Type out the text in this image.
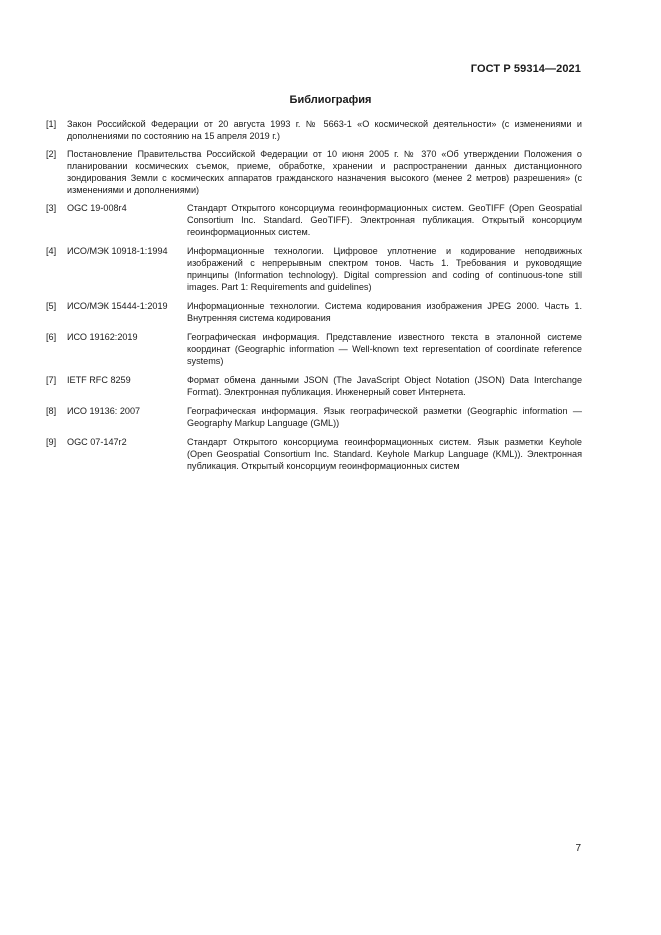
ГОСТ Р 59314—2021
Библиография
[1]	Закон Российской Федерации от 20 августа 1993 г. № 5663-1 «О космической деятельности» (с изменениями и дополнениями по состоянию на 15 апреля 2019 г.)
[2]	Постановление Правительства Российской Федерации от 10 июня 2005 г. № 370 «Об утверждении Положения о планировании космических съемок, приеме, обработке, хранении и распространении данных дистанционного зондирования Земли с космических аппаратов гражданского назначения высокого (менее 2 метров) разрешения» (с изменениями и дополнениями)
[3]	OGC 19-008r4	Стандарт Открытого консорциума геоинформационных систем. GeoTIFF (Open Geospatial Consortium Inc. Standard. GeoTIFF). Электронная публикация. Открытый консорциум геоинформационных систем.
[4]	ИСО/МЭК 10918-1:1994	Информационные технологии. Цифровое уплотнение и кодирование неподвижных изображений с непрерывным спектром тонов. Часть 1. Требования и руководящие принципы (Information technology). Digital compression and coding of continuous-tone still images. Part 1: Requirements and guidelines)
[5]	ИСО/МЭК 15444-1:2019	Информационные технологии. Система кодирования изображения JPEG 2000. Часть 1. Внутренняя система кодирования
[6]	ИСО 19162:2019	Географическая информация. Представление известного текста в эталонной системе координат (Geographic information — Well-known text representation of coordinate reference systems)
[7]	IETF RFC 8259	Формат обмена данными JSON (The JavaScript Object Notation (JSON) Data Interchange Format). Электронная публикация. Инженерный совет Интернета.
[8]	ИСО 19136: 2007	Географическая информация. Язык географической разметки (Geographic information — Geography Markup Language (GML))
[9]	OGC 07-147r2	Стандарт Открытого консорциума геоинформационных систем. Язык разметки Keyhole (Open Geospatial Consortium Inc. Standard. Keyhole Markup Language (KML)). Электронная публикация. Открытый консорциум геоинформационных систем
7
